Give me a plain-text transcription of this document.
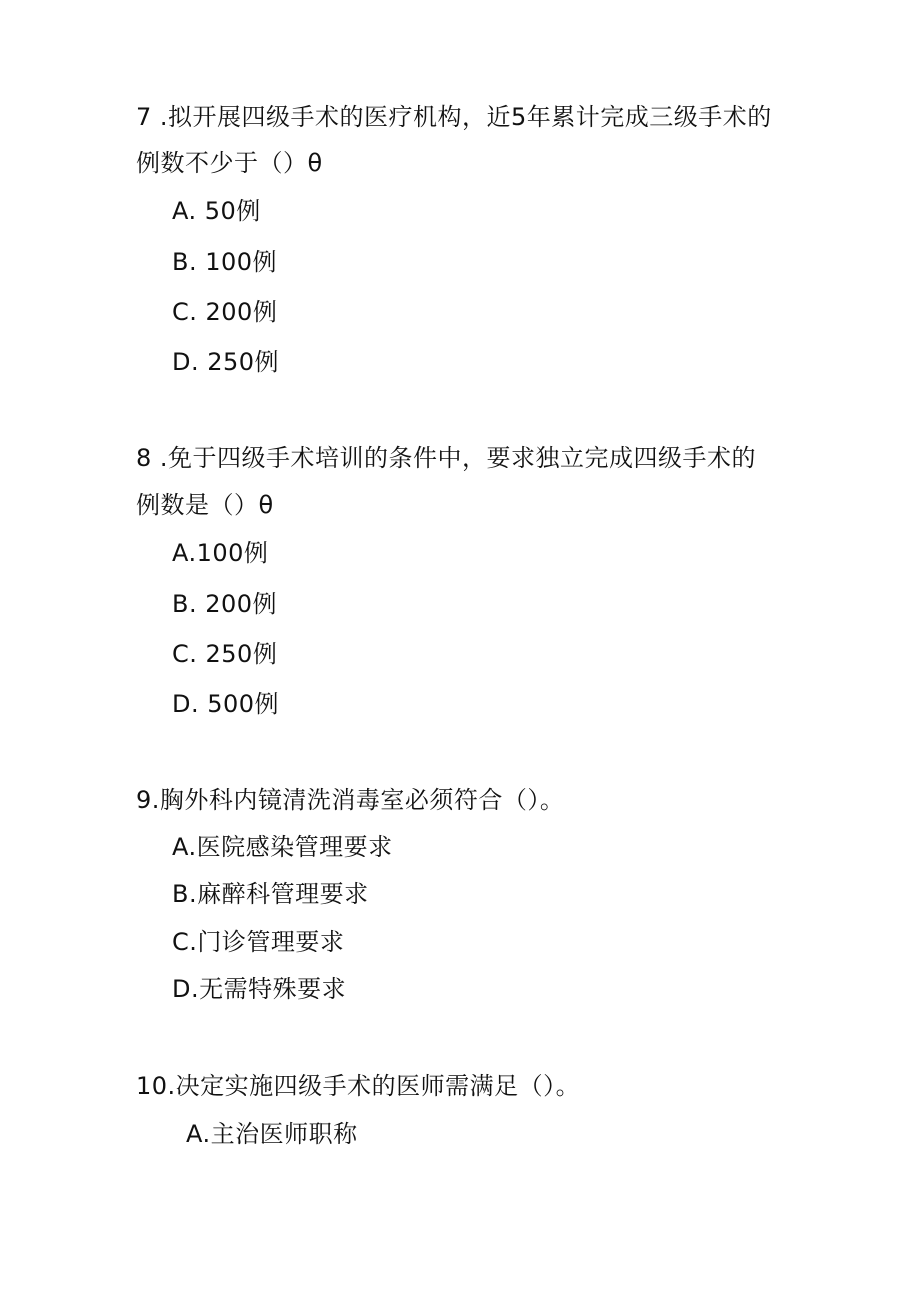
7 .拟开展四级手术的医疗机构，近5年累计完成三级手术的
例数不少于（）θ
A. 50例
B. 100例
C. 200例
D. 250例
8 .免于四级手术培训的条件中，要求独立完成四级手术的
例数是（）θ
A.100例
B. 200例
C. 250例
D. 500例
9.胸外科内镜清洗消毒室必须符合（）。
A.医院感染管理要求
B.麻醉科管理要求
C.门诊管理要求
D.无需特殊要求
10.决定实施四级手术的医师需满足（）。
A.主治医师职称
